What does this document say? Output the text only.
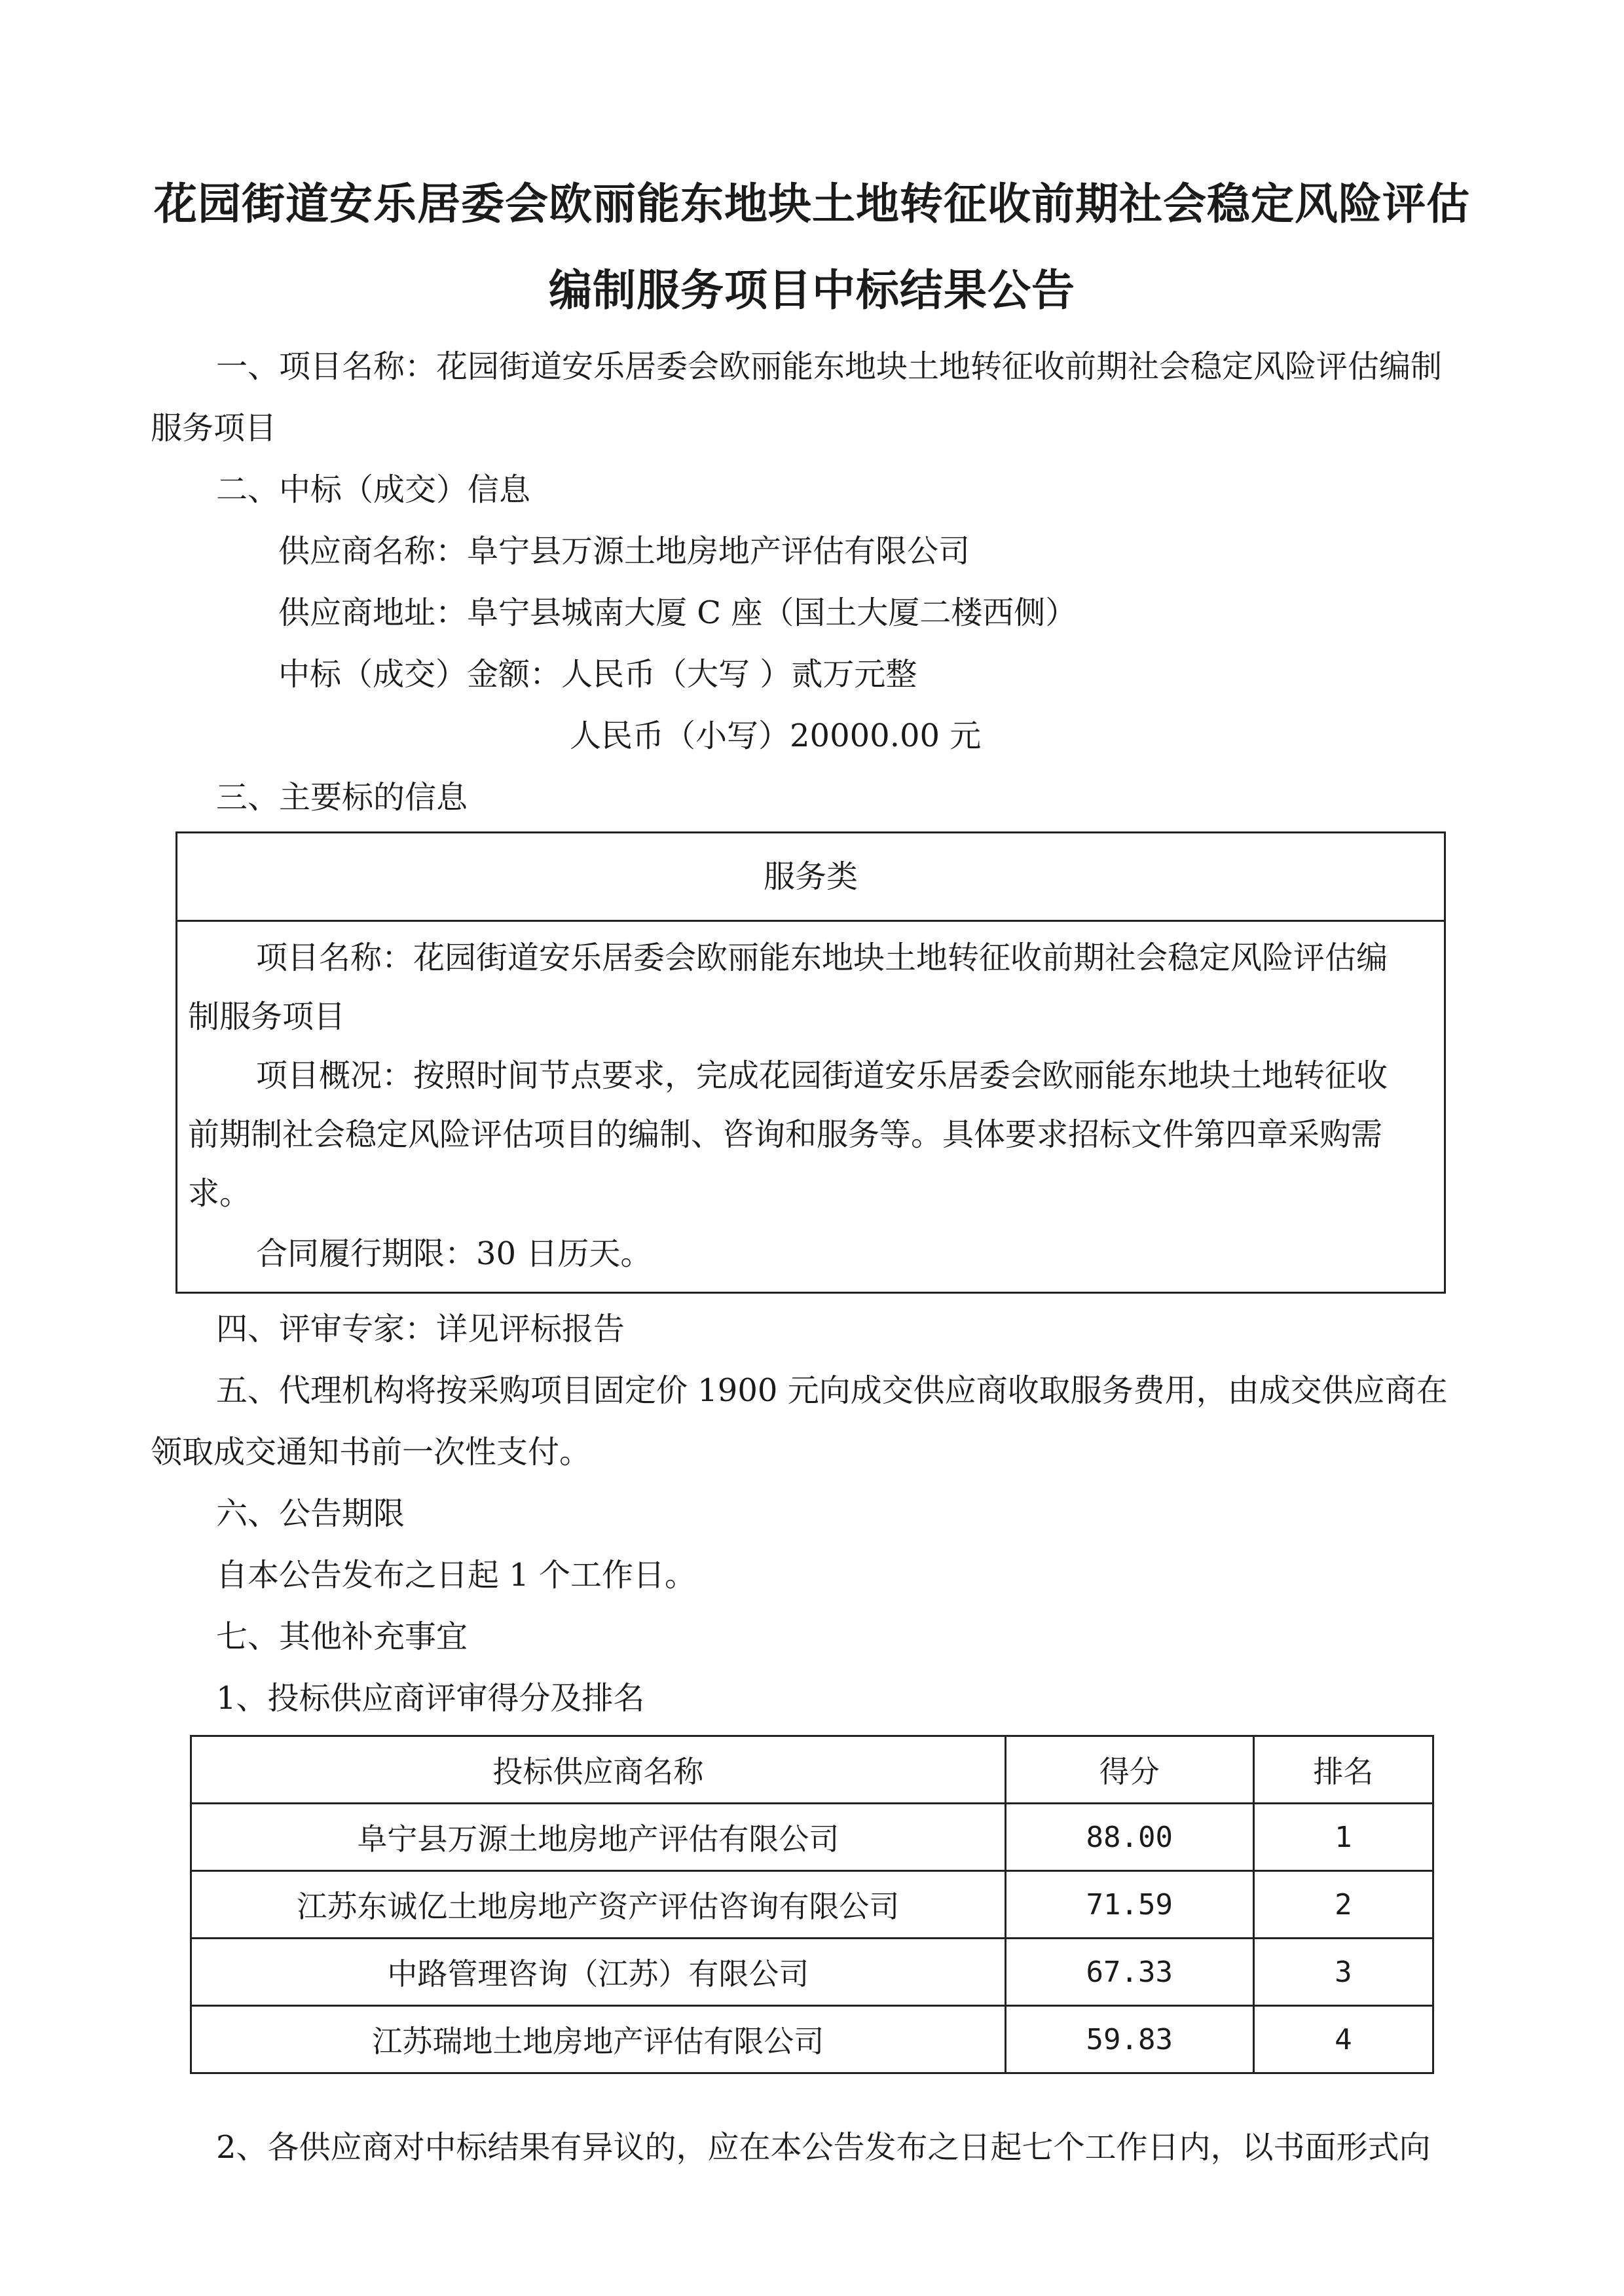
花园街道安乐居委会欧丽能东地块土地转征收前期社会稳定风险评估
编制服务项目中标结果公告
一、项目名称：花园街道安乐居委会欧丽能东地块土地转征收前期社会稳定风险评估编制
服务项目
二、中标（成交）信息
供应商名称：阜宁县万源土地房地产评估有限公司
供应商地址：阜宁县城南大厦 C 座（国土大厦二楼西侧）
中标（成交）金额：人民币（大写 ）贰万元整
人民币（小写）20000.00 元
三、主要标的信息
服务类
项目名称：花园街道安乐居委会欧丽能东地块土地转征收前期社会稳定风险评估编
制服务项目
项目概况：按照时间节点要求，完成花园街道安乐居委会欧丽能东地块土地转征收
前期制社会稳定风险评估项目的编制、咨询和服务等。具体要求招标文件第四章采购需
求。
合同履行期限：30 日历天。
四、评审专家：详见评标报告
五、代理机构将按采购项目固定价 1900 元向成交供应商收取服务费用，由成交供应商在
领取成交通知书前一次性支付。
六、公告期限
自本公告发布之日起 1 个工作日。
七、其他补充事宜
1、投标供应商评审得分及排名
投标供应商名称	得分	排名
阜宁县万源土地房地产评估有限公司	88.00	1
江苏东诚亿土地房地产资产评估咨询有限公司	71.59	2
中路管理咨询（江苏）有限公司	67.33	3
江苏瑞地土地房地产评估有限公司	59.83	4
2、各供应商对中标结果有异议的，应在本公告发布之日起七个工作日内，以书面形式向
